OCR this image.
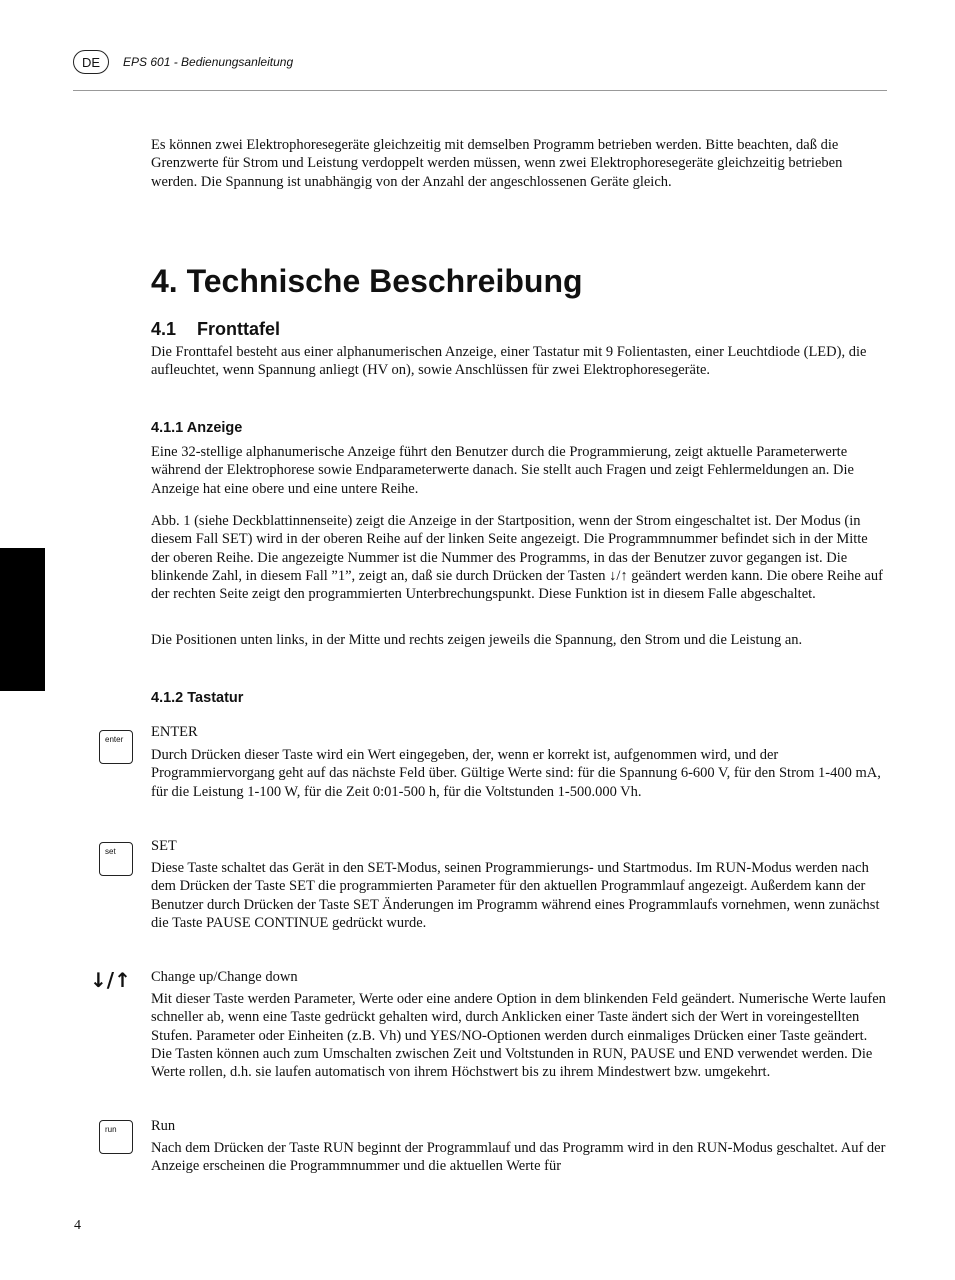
DE	EPS 601 - Bedienungsanleitung

Es können zwei Elektrophoresegeräte gleichzeitig mit demselben Programm betrieben werden. Bitte beachten, daß die Grenzwerte für Strom und Leistung verdoppelt werden müssen, wenn zwei Elektrophoresegeräte gleichzeitig betrieben werden. Die Spannung ist unabhängig von der Anzahl der angeschlossenen Geräte gleich.

4. Technische Beschreibung
4.1 Fronttafel

Die Fronttafel besteht aus einer alphanumerischen Anzeige, einer Tastatur mit 9 Folientasten, einer Leuchtdiode (LED), die aufleuchtet, wenn Spannung anliegt (HV on), sowie Anschlüssen für zwei Elektrophoresegeräte.

4.1.1 Anzeige

Eine 32-stellige alphanumerische Anzeige führt den Benutzer durch die Programmierung, zeigt aktuelle Parameterwerte während der Elektrophorese sowie Endparameterwerte danach. Sie stellt auch Fragen und zeigt Fehlermeldungen an. Die Anzeige hat eine obere und eine untere Reihe.

Abb. 1 (siehe Deckblattinnenseite) zeigt die Anzeige in der Startposition, wenn der Strom eingeschaltet ist. Der Modus (in diesem Fall SET) wird in der oberen Reihe auf der linken Seite angezeigt. Die Programmnummer befindet sich in der Mitte der oberen Reihe. Die angezeigte Nummer ist die Nummer des Programms, in das der Benutzer zuvor gegangen ist. Die blinkende Zahl, in diesem Fall ”1”, zeigt an, daß sie durch Drücken der Tasten ↓/↑ geändert werden kann. Die obere Reihe auf der rechten Seite zeigt den programmierten Unterbrechungspunkt. Diese Funktion ist in diesem Falle abgeschaltet.

Die Positionen unten links, in der Mitte und rechts zeigen jeweils die Spannung, den Strom und die Leistung an.

4.1.2 Tastatur

ENTER

Durch Drücken dieser Taste wird ein Wert eingegeben, der, wenn er korrekt ist, aufgenommen wird, und der Programmiervorgang geht auf das nächste Feld über. Gültige Werte sind: für die Spannung 6-600 V, für den Strom 1-400 mA, für die Leistung 1-100 W, für die Zeit 0:01-500 h, für die Voltstunden 1-500.000 Vh.

SET

Diese Taste schaltet das Gerät in den SET-Modus, seinen Programmierungs- und Startmodus. Im RUN-Modus werden nach dem Drücken der Taste SET die programmierten Parameter für den aktuellen Programmlauf angezeigt. Außerdem kann der Benutzer durch Drücken der Taste SET Änderungen im Programm während eines Programmlaufs vornehmen, wenn zunächst die Taste PAUSE CONTINUE gedrückt wurde.

Change up/Change down

Mit dieser Taste werden Parameter, Werte oder eine andere Option in dem blinkenden Feld geändert. Numerische Werte laufen schneller ab, wenn eine Taste gedrückt gehalten wird, durch Anklicken einer Taste ändert sich der Wert in voreingestellten Stufen. Parameter oder Einheiten (z.B. Vh) und YES/NO-Optionen werden durch einmaliges Drücken einer Taste geändert. Die Tasten können auch zum Umschalten zwischen Zeit und Voltstunden in RUN, PAUSE und END verwendet werden. Die Werte rollen, d.h. sie laufen automatisch von ihrem Höchstwert bis zu ihrem Mindestwert bzw. umgekehrt.

Run

Nach dem Drücken der Taste RUN beginnt der Programmlauf und das Programm wird in den RUN-Modus geschaltet. Auf der Anzeige erscheinen die Programmnummer und die aktuellen Werte für

enter
set
↓/↑
run
4
